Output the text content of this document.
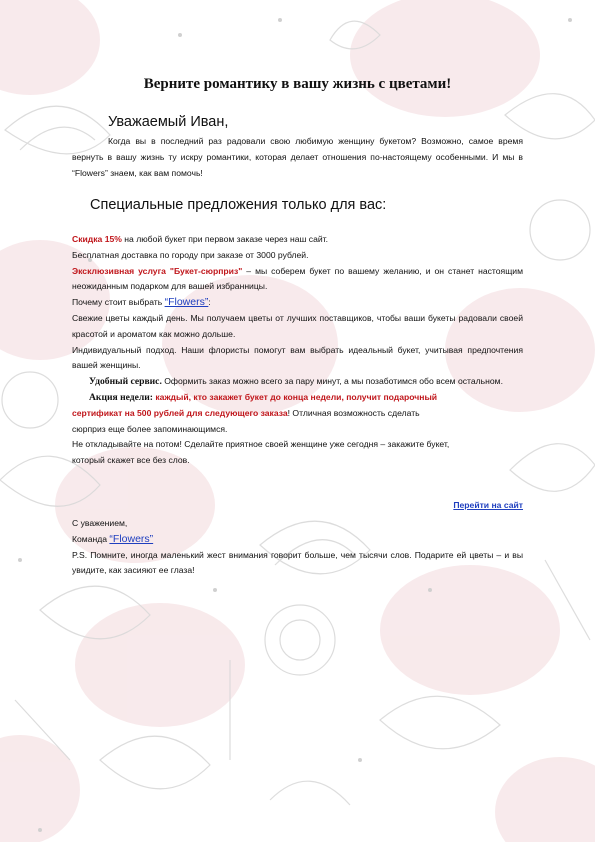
Верните романтику в вашу жизнь с цветами!

Уважаемый Иван,

Когда вы в последний раз радовали свою любимую женщину букетом? Возможно, самое время вернуть в вашу жизнь ту искру романтики, которая делает отношения по-настоящему особенными. И мы в “Flowers” знаем, как вам помочь!

Специальные предложения только для вас:

Скидка 15% на любой букет при первом заказе через наш сайт.
Бесплатная доставка по городу при заказе от 3000 рублей.
Эксклюзивная услуга "Букет-сюрприз" – мы соберем букет по вашему желанию, и он станет настоящим неожиданным подарком для вашей избранницы.
Почему стоит выбрать “Flowers”:
Свежие цветы каждый день. Мы получаем цветы от лучших поставщиков, чтобы ваши букеты радовали своей красотой и ароматом как можно дольше.
Индивидуальный подход. Наши флористы помогут вам выбрать идеальный букет, учитывая предпочтения вашей женщины.
Удобный сервис. Оформить заказ можно всего за пару минут, а мы позаботимся обо всем остальном.
Акция недели: каждый, кто закажет букет до конца недели, получит подарочный сертификат на 500 рублей для следующего заказа! Отличная возможность сделать сюрприз еще более запоминающимся.
Не откладывайте на потом! Сделайте приятное своей женщине уже сегодня – закажите букет, который скажет все без слов.
Перейти на сайт
С уважением,
Команда “Flowers”
P.S. Помните, иногда маленький жест внимания говорит больше, чем тысячи слов. Подарите ей цветы – и вы увидите, как засияют ее глаза!
